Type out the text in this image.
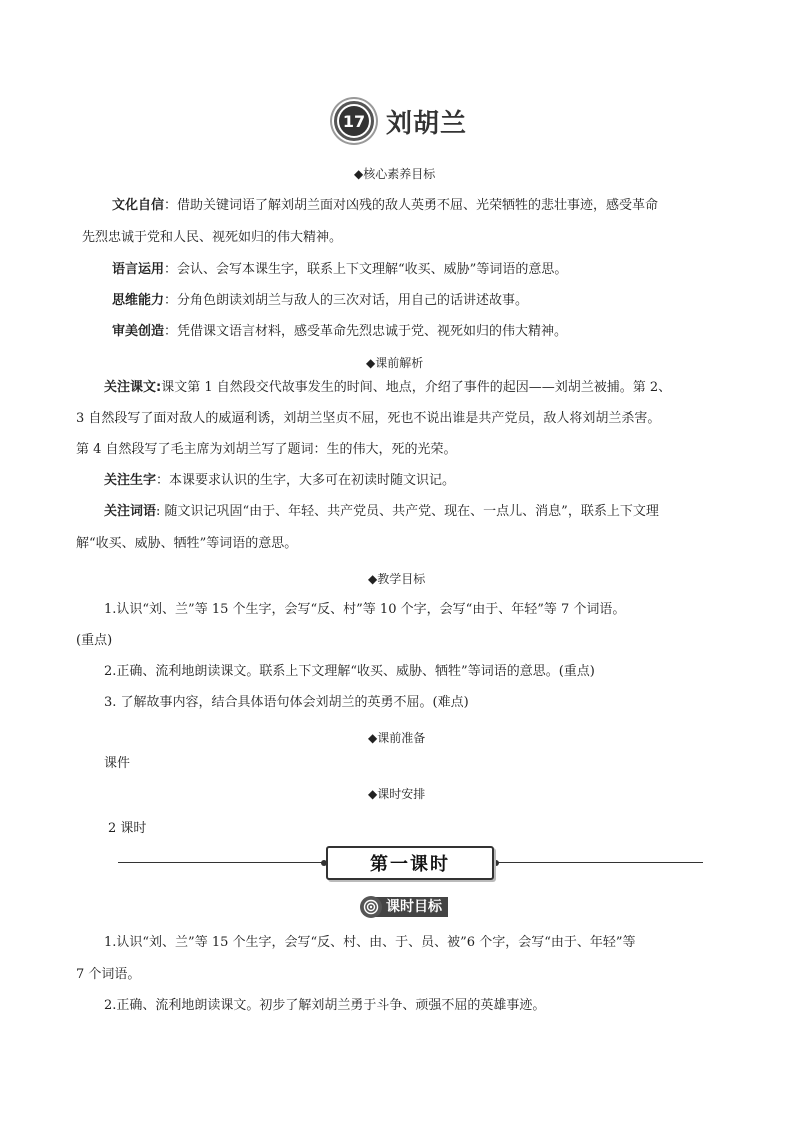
17 刘胡兰
◆核心素养目标
文化自信：借助关键词语了解刘胡兰面对凶残的敌人英勇不屈、光荣牺牲的悲壮事迹，感受革命
先烈忠诚于党和人民、视死如归的伟大精神。
语言运用：会认、会写本课生字，联系上下文理解“收买、威胁”等词语的意思。
思维能力：分角色朗读刘胡兰与敌人的三次对话，用自己的话讲述故事。
审美创造：凭借课文语言材料，感受革命先烈忠诚于党、视死如归的伟大精神。
◆课前解析
关注课文:课文第 1 自然段交代故事发生的时间、地点，介绍了事件的起因——刘胡兰被捕。第 2、
3 自然段写了面对敌人的威逼利诱，刘胡兰坚贞不屈，死也不说出谁是共产党员，敌人将刘胡兰杀害。
第 4 自然段写了毛主席为刘胡兰写了题词：生的伟大，死的光荣。
关注生字：本课要求认识的生字，大多可在初读时随文识记。
关注词语: 随文识记巩固“由于、年轻、共产党员、共产党、现在、一点儿、消息”，联系上下文理
解“收买、威胁、牺牲”等词语的意思。
◆教学目标
1.认识“刘、兰”等 15 个生字，会写“反、村”等 10 个字，会写“由于、年轻”等 7 个词语。
(重点)
2.正确、流利地朗读课文。联系上下文理解“收买、威胁、牺牲”等词语的意思。(重点)
3. 了解故事内容，结合具体语句体会刘胡兰的英勇不屈。(难点)
◆课前准备
课件
◆课时安排
2 课时
第一课时
课时目标
1.认识“刘、兰”等 15 个生字，会写“反、村、由、于、员、被”6 个字，会写“由于、年轻”等
7 个词语。
2.正确、流利地朗读课文。初步了解刘胡兰勇于斗争、顽强不屈的英雄事迹。
